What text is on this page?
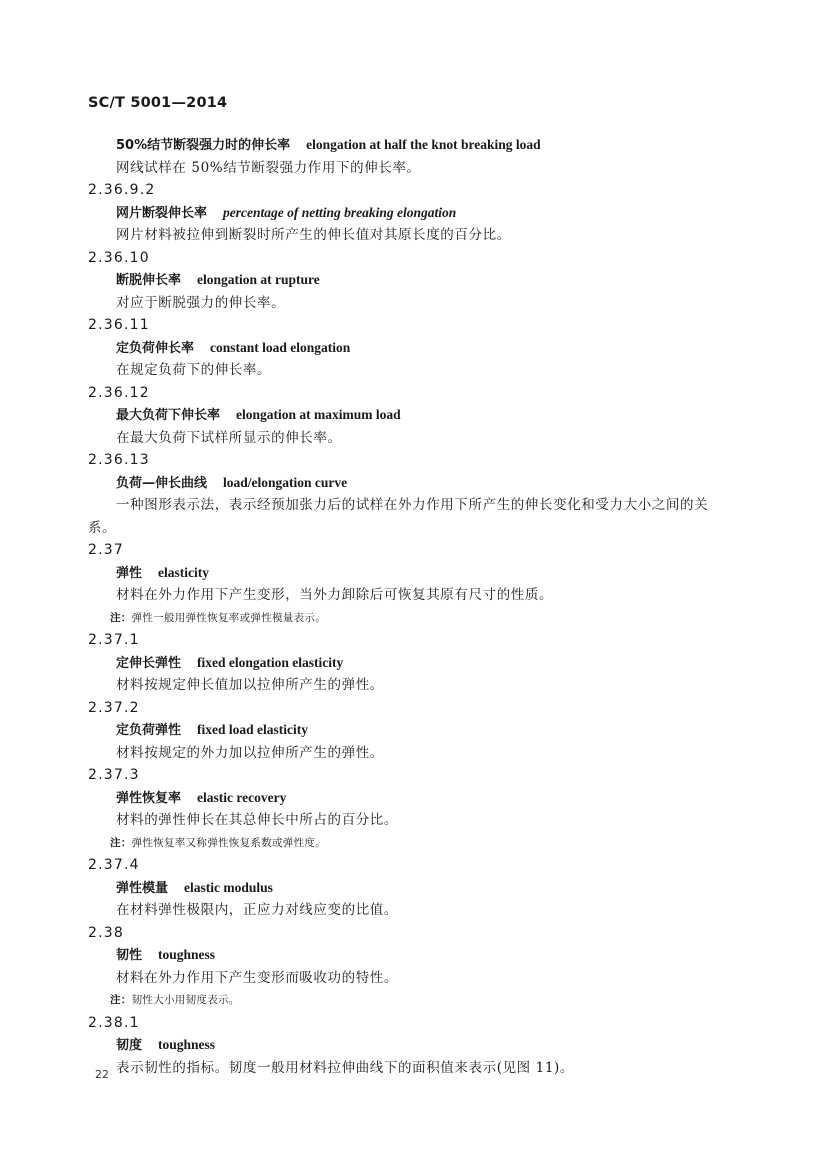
SC/T 5001—2014
50%结节断裂强力时的伸长率 elongation at half the knot breaking load
网线试样在 50%结节断裂强力作用下的伸长率。
2.36.9.2
网片断裂伸长率 percentage of netting breaking elongation
网片材料被拉伸到断裂时所产生的伸长值对其原长度的百分比。
2.36.10
断脱伸长率 elongation at rupture
对应于断脱强力的伸长率。
2.36.11
定负荷伸长率 constant load elongation
在规定负荷下的伸长率。
2.36.12
最大负荷下伸长率 elongation at maximum load
在最大负荷下试样所显示的伸长率。
2.36.13
负荷—伸长曲线 load/elongation curve
一种图形表示法，表示经预加张力后的试样在外力作用下所产生的伸长变化和受力大小之间的关
系。
2.37
弹性 elasticity
材料在外力作用下产生变形，当外力卸除后可恢复其原有尺寸的性质。
注：弹性一般用弹性恢复率或弹性模量表示。
2.37.1
定伸长弹性 fixed elongation elasticity
材料按规定伸长值加以拉伸所产生的弹性。
2.37.2
定负荷弹性 fixed load elasticity
材料按规定的外力加以拉伸所产生的弹性。
2.37.3
弹性恢复率 elastic recovery
材料的弹性伸长在其总伸长中所占的百分比。
注：弹性恢复率又称弹性恢复系数或弹性度。
2.37.4
弹性模量 elastic modulus
在材料弹性极限内，正应力对线应变的比值。
2.38
韧性 toughness
材料在外力作用下产生变形而吸收功的特性。
注：韧性大小用韧度表示。
2.38.1
韧度 toughness
表示韧性的指标。韧度一般用材料拉伸曲线下的面积值来表示(见图 11)。
22
